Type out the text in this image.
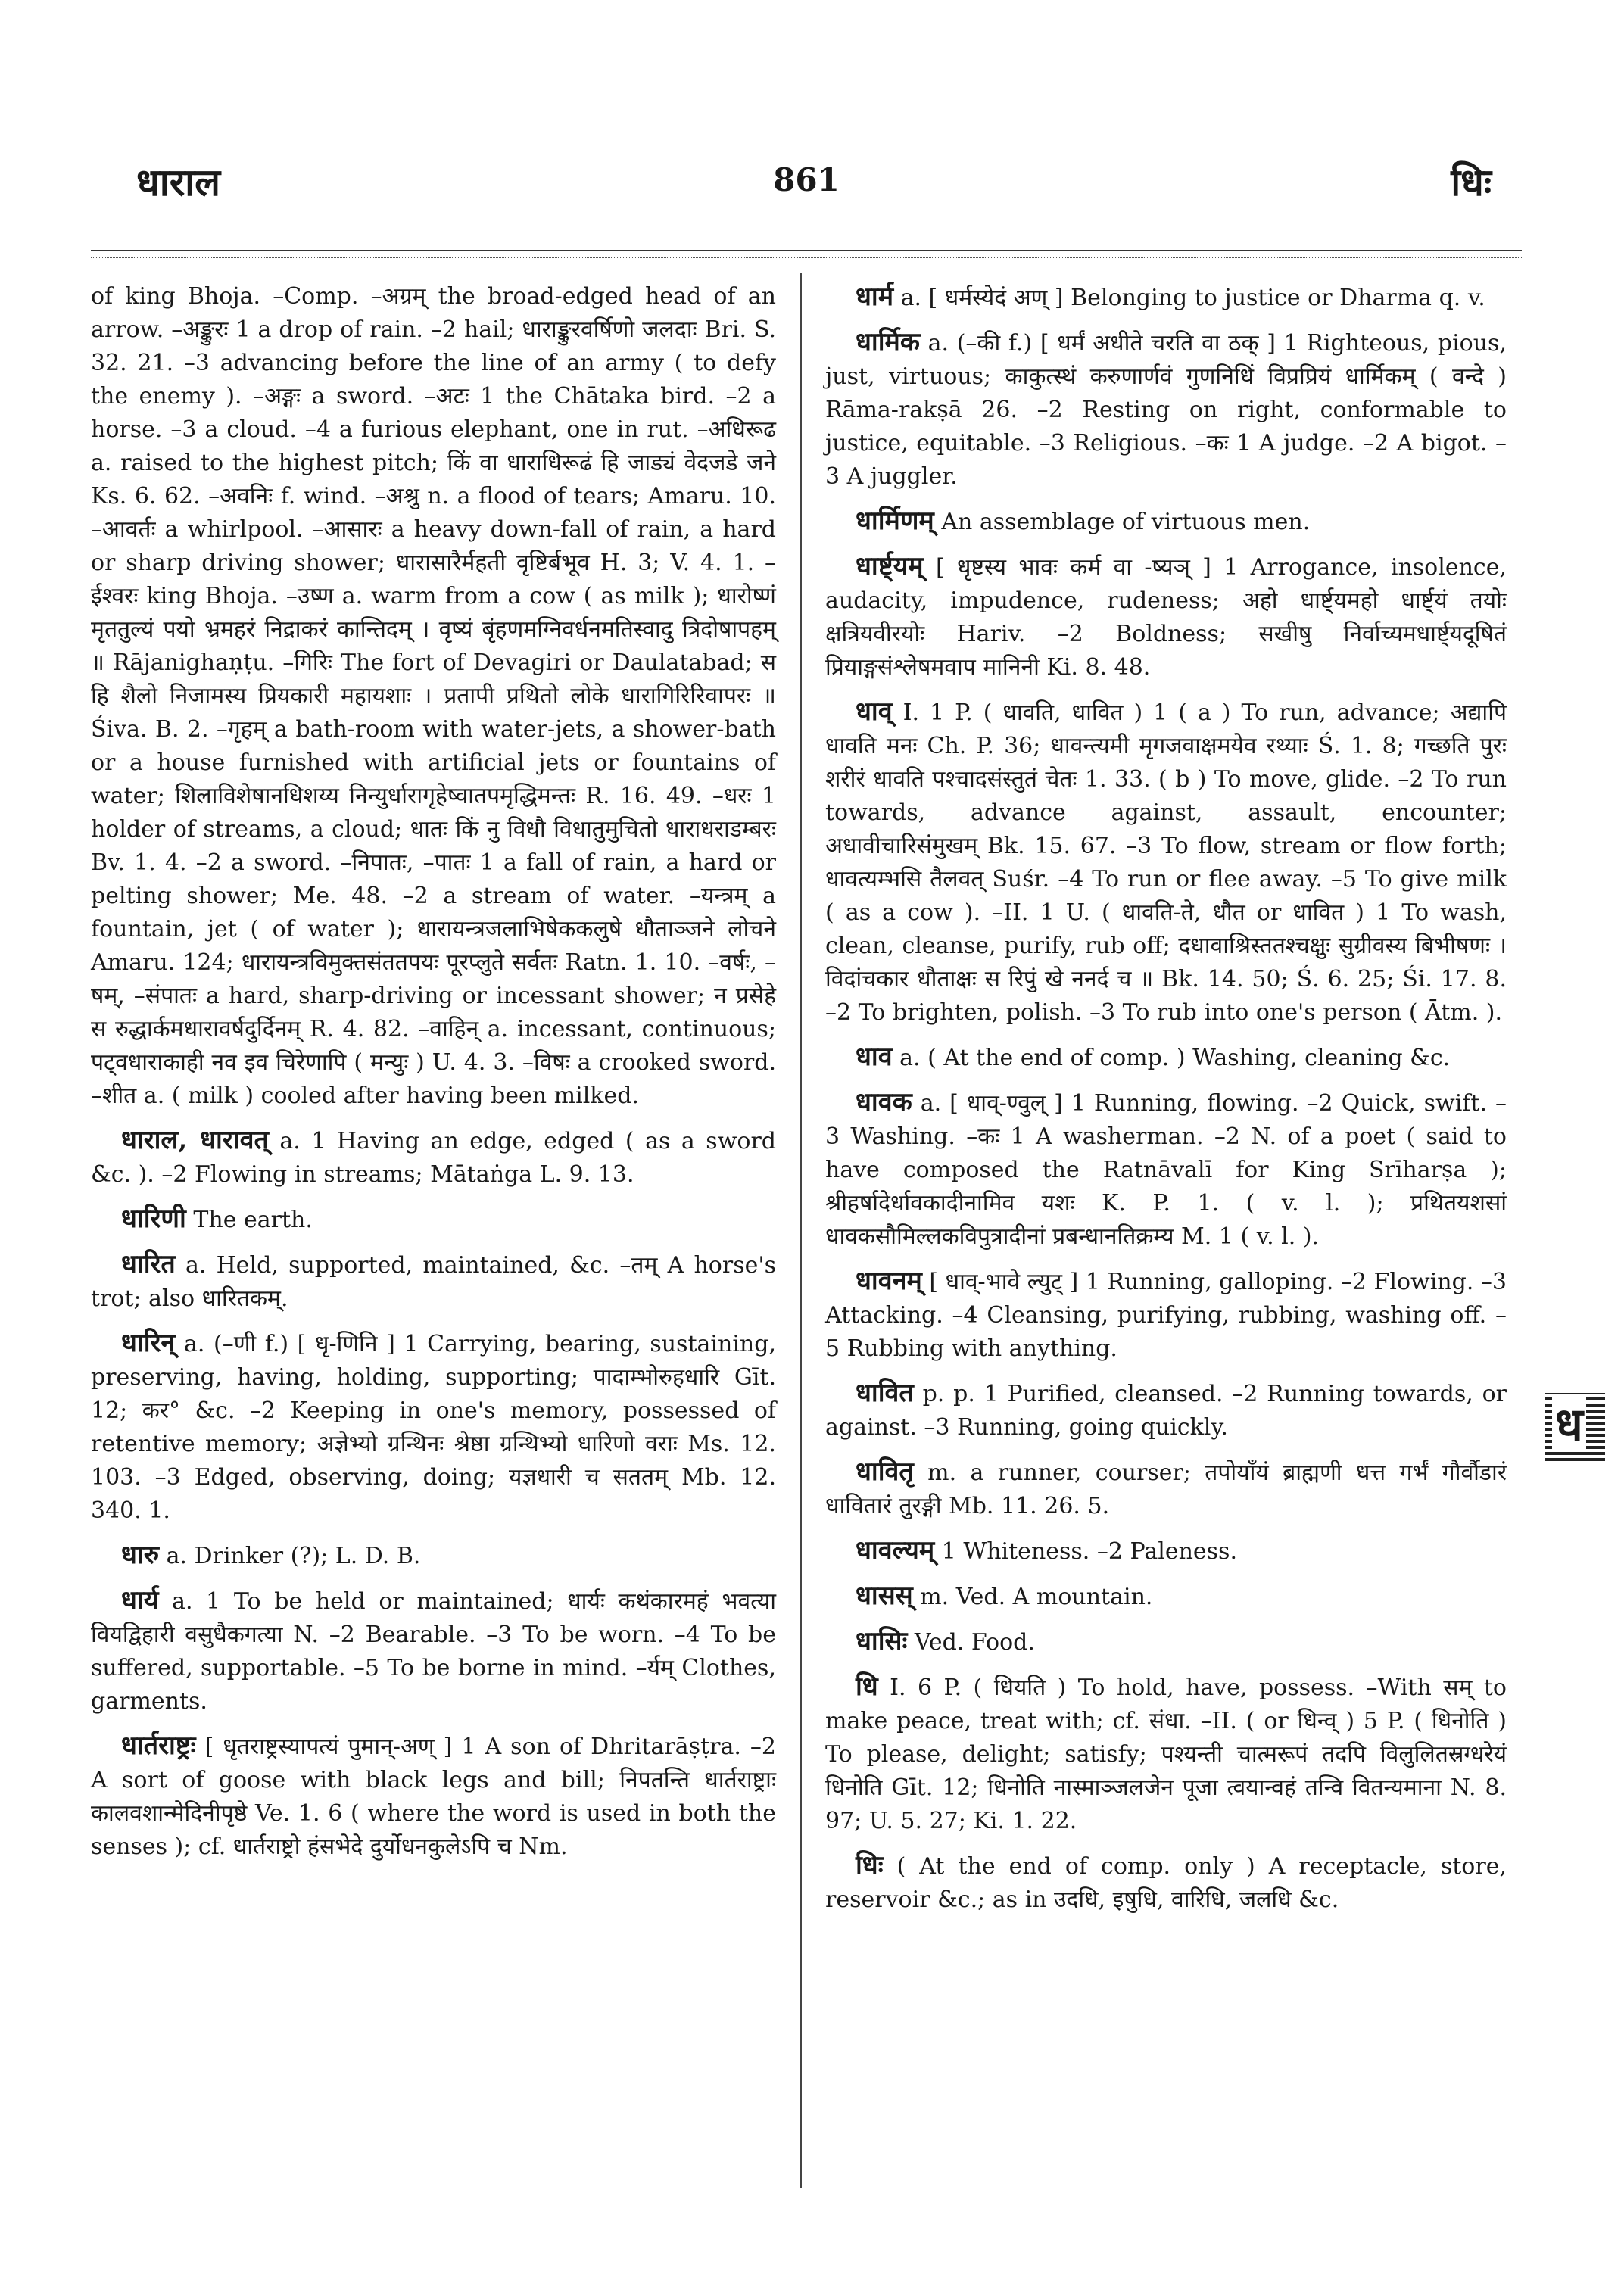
धाराल	861	धिः

of king Bhoja. –Comp. –अग्रम् the broad-edged head of an arrow. –अङ्कुरः 1 a drop of rain. –2 hail; धाराङ्कुरवर्षिणो जलदाः Bri. S. 32. 21. –3 advancing before the line of an army ( to defy the enemy ). –अङ्गः a sword. –अटः 1 the Chātaka bird. –2 a horse. –3 a cloud. –4 a furious elephant, one in rut. –अधिरूढ a. raised to the highest pitch; किं वा धाराधिरूढं हि जाड्यं वेदजडे जने Ks. 6. 62. –अवनिः f. wind. –अश्रु n. a flood of tears; Amaru. 10. –आवर्तः a whirlpool. –आसारः a heavy down-fall of rain, a hard or sharp driving shower; धारासारैर्महती वृष्टिर्बभूव H. 3; V. 4. 1. –ईश्वरः king Bhoja. –उष्ण a. warm from a cow ( as milk ); धारोष्णं मृततुल्यं पयो भ्रमहरं निद्राकरं कान्तिदम् । वृष्यं बृंहणमग्निवर्धनमतिस्वादु त्रिदोषापहम् ॥ Rājanighaṇṭu. –गिरिः The fort of Devagiri or Daulatabad; स हि शैलो निजामस्य प्रियकारी महायशाः । प्रतापी प्रथितो लोके धारागिरिरिवापरः ॥ Śiva. B. 2. –गृहम् a bath-room with water-jets, a shower-bath or a house furnished with artificial jets or fountains of water; शिलाविशेषानधिशय्य निन्युर्धारागृहेष्वातपमृद्धिमन्तः R. 16. 49. –धरः 1 holder of streams, a cloud; धातः किं नु विधौ विधातुमुचितो धाराधराडम्बरः Bv. 1. 4. –2 a sword. –निपातः, –पातः 1 a fall of rain, a hard or pelting shower; Me. 48. –2 a stream of water. –यन्त्रम् a fountain, jet ( of water ); धारायन्त्रजलाभिषेककलुषे धौताञ्जने लोचने Amaru. 124; धारायन्त्रविमुक्तसंततपयः पूरप्लुते सर्वतः Ratn. 1. 10. –वर्षः, –षम्, –संपातः a hard, sharp-driving or incessant shower; न प्रसेहे स रुद्धार्कमधारावर्षदुर्दिनम् R. 4. 82. –वाहिन् a. incessant, continuous; पट्वधाराकाही नव इव चिरेणापि ( मन्युः ) U. 4. 3. –विषः a crooked sword. –शीत a. ( milk ) cooled after having been milked.

धाराल, धारावत् a. 1 Having an edge, edged ( as a sword &c. ). –2 Flowing in streams; Mātaṅga L. 9. 13.

धारिणी The earth.

धारित a. Held, supported, maintained, &c. –तम् A horse's trot; also धारितकम्.

धारिन् a. (–णी f.) [ धृ-णिनि ] 1 Carrying, bearing, sustaining, preserving, having, holding, supporting; पादाम्भोरुहधारि Gīt. 12; कर° &c. –2 Keeping in one's memory, possessed of retentive memory; अज्ञेभ्यो ग्रन्थिनः श्रेष्ठा ग्रन्थिभ्यो धारिणो वराः Ms. 12. 103. –3 Edged, observing, doing; यज्ञधारी च सततम् Mb. 12. 340. 1.

धारु a. Drinker (?); L. D. B.

धार्य a. 1 To be held or maintained; धार्यः कथंकारमहं भवत्या वियद्विहारी वसुधैकगत्या N. –2 Bearable. –3 To be worn. –4 To be suffered, supportable. –5 To be borne in mind. –र्यम् Clothes, garments.

धार्तराष्ट्रः [ धृतराष्ट्रस्यापत्यं पुमान्-अण् ] 1 A son of Dhritarāṣṭra. –2 A sort of goose with black legs and bill; निपतन्ति धार्तराष्ट्राः कालवशान्मेदिनीपृष्ठे Ve. 1. 6 ( where the word is used in both the senses ); cf. धार्तराष्ट्रो हंसभेदे दुर्योधनकुलेऽपि च Nm.

धार्म a. [ धर्मस्येदं अण् ] Belonging to justice or Dharma q. v.

धार्मिक a. (–की f.) [ धर्मं अधीते चरति वा ठक् ] 1 Righteous, pious, just, virtuous; काकुत्स्थं करुणार्णवं गुणनिधिं विप्रप्रियं धार्मिकम् ( वन्दे ) Rāma-rakṣā 26. –2 Resting on right, conformable to justice, equitable. –3 Religious. –कः 1 A judge. –2 A bigot. –3 A juggler.

धार्मिणम् An assemblage of virtuous men.

धार्ष्ट्यम् [ धृष्टस्य भावः कर्म वा -ष्यञ् ] 1 Arrogance, insolence, audacity, impudence, rudeness; अहो धार्ष्ट्यमहो धार्ष्ट्यं तयोः क्षत्रियवीरयोः Hariv. –2 Boldness; सखीषु निर्वाच्यमधार्ष्ट्यदूषितं प्रियाङ्गसंश्लेषमवाप मानिनी Ki. 8. 48.

धाव् I. 1 P. ( धावति, धावित ) 1 ( a ) To run, advance; अद्यापि धावति मनः Ch. P. 36; धावन्त्यमी मृगजवाक्षमयेव रथ्याः Ś. 1. 8; गच्छति पुरः शरीरं धावति पश्चादसंस्तुतं चेतः 1. 33. ( b ) To move, glide. –2 To run towards, advance against, assault, encounter; अधावीचारिसंमुखम् Bk. 15. 67. –3 To flow, stream or flow forth; धावत्यम्भसि तैलवत् Suśr. –4 To run or flee away. –5 To give milk ( as a cow ). –II. 1 U. ( धावति-ते, धौत or धावित ) 1 To wash, clean, cleanse, purify, rub off; दधावाश्रिस्ततश्चक्षुः सुग्रीवस्य बिभीषणः । विदांचकार धौताक्षः स रिपुं खे ननर्द च ॥ Bk. 14. 50; Ś. 6. 25; Śi. 17. 8. –2 To brighten, polish. –3 To rub into one's person ( Ātm. ).

धाव a. ( At the end of comp. ) Washing, cleaning &c.

धावक a. [ धाव्-ण्वुल् ] 1 Running, flowing. –2 Quick, swift. –3 Washing. –कः 1 A washerman. –2 N. of a poet ( said to have composed the Ratnāvalī for King Srīharṣa ); श्रीहर्षादेर्धावकादीनामिव यशः K. P. 1. ( v. l. ); प्रथितयशसां धावकसौमिल्लकविपुत्रादीनां प्रबन्धानतिक्रम्य M. 1 ( v. l. ).

धावनम् [ धाव्-भावे ल्युट् ] 1 Running, galloping. –2 Flowing. –3 Attacking. –4 Cleansing, purifying, rubbing, washing off. –5 Rubbing with anything.

धावित p. p. 1 Purified, cleansed. –2 Running towards, or against. –3 Running, going quickly.

धावितृ m. a runner, courser; तपोयाँयं ब्राह्मणी धत्त गर्भं गौर्वौडारं धावितारं तुरङ्गी Mb. 11. 26. 5.

धावल्यम् 1 Whiteness. –2 Paleness.

धासस् m. Ved. A mountain.

धासिः Ved. Food.

धि I. 6 P. ( धियति ) To hold, have, possess. –With सम् to make peace, treat with; cf. संधा. –II. ( or धिन्व् ) 5 P. ( धिनोति ) To please, delight; satisfy; पश्यन्ती चात्मरूपं तदपि विलुलितस्रग्धरेयं धिनोति Gīt. 12; धिनोति नास्माञ्जलजेन पूजा त्वयान्वहं तन्वि वितन्यमाना N. 8. 97; U. 5. 27; Ki. 1. 22.

धिः ( At the end of comp. only ) A receptacle, store, reservoir &c.; as in उदधि, इषुधि, वारिधि, जलधि &c.

ध
